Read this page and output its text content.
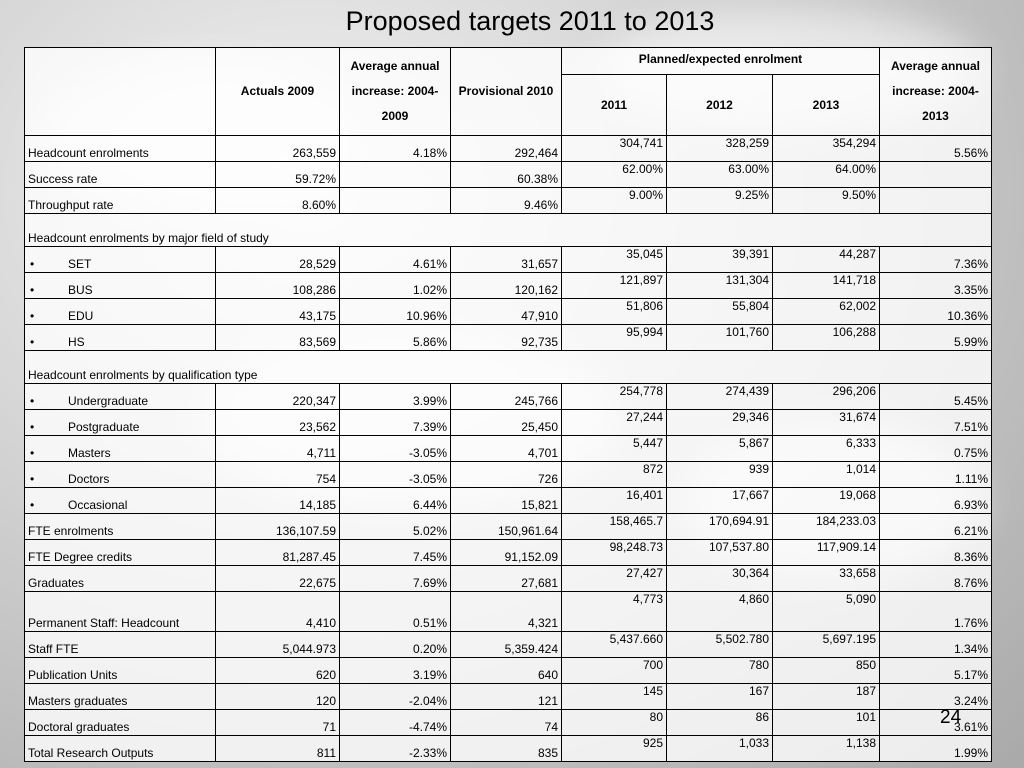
Proposed targets 2011 to 2013
	Actuals 2009	Average annual increase: 2004-2009	Provisional 2010	Planned/expected enrolment			Average annual increase: 2004-2013
				2011	2012	2013	
Headcount enrolments	263,559	4.18%	292,464	304,741	328,259	354,294	5.56%
Success rate	59.72%		60.38%	62.00%	63.00%	64.00%	
Throughput rate	8.60%		9.46%	9.00%	9.25%	9.50%	
Headcount enrolments by major field of study							
• SET	28,529	4.61%	31,657	35,045	39,391	44,287	7.36%
• BUS	108,286	1.02%	120,162	121,897	131,304	141,718	3.35%
• EDU	43,175	10.96%	47,910	51,806	55,804	62,002	10.36%
• HS	83,569	5.86%	92,735	95,994	101,760	106,288	5.99%
Headcount enrolments by qualification type							
• Undergraduate	220,347	3.99%	245,766	254,778	274,439	296,206	5.45%
• Postgraduate	23,562	7.39%	25,450	27,244	29,346	31,674	7.51%
• Masters	4,711	-3.05%	4,701	5,447	5,867	6,333	0.75%
• Doctors	754	-3.05%	726	872	939	1,014	1.11%
• Occasional	14,185	6.44%	15,821	16,401	17,667	19,068	6.93%
FTE enrolments	136,107.59	5.02%	150,961.64	158,465.7	170,694.91	184,233.03	6.21%
FTE Degree credits	81,287.45	7.45%	91,152.09	98,248.73	107,537.80	117,909.14	8.36%
Graduates	22,675	7.69%	27,681	27,427	30,364	33,658	8.76%
Permanent Staff: Headcount	4,410	0.51%	4,321	4,773	4,860	5,090	1.76%
Staff FTE	5,044.973	0.20%	5,359.424	5,437.660	5,502.780	5,697.195	1.34%
Publication Units	620	3.19%	640	700	780	850	5.17%
Masters graduates	120	-2.04%	121	145	167	187	3.24%
Doctoral graduates	71	-4.74%	74	80	86	101	3.61%
Total Research Outputs	811	-2.33%	835	925	1,033	1,138	1.99%
24
